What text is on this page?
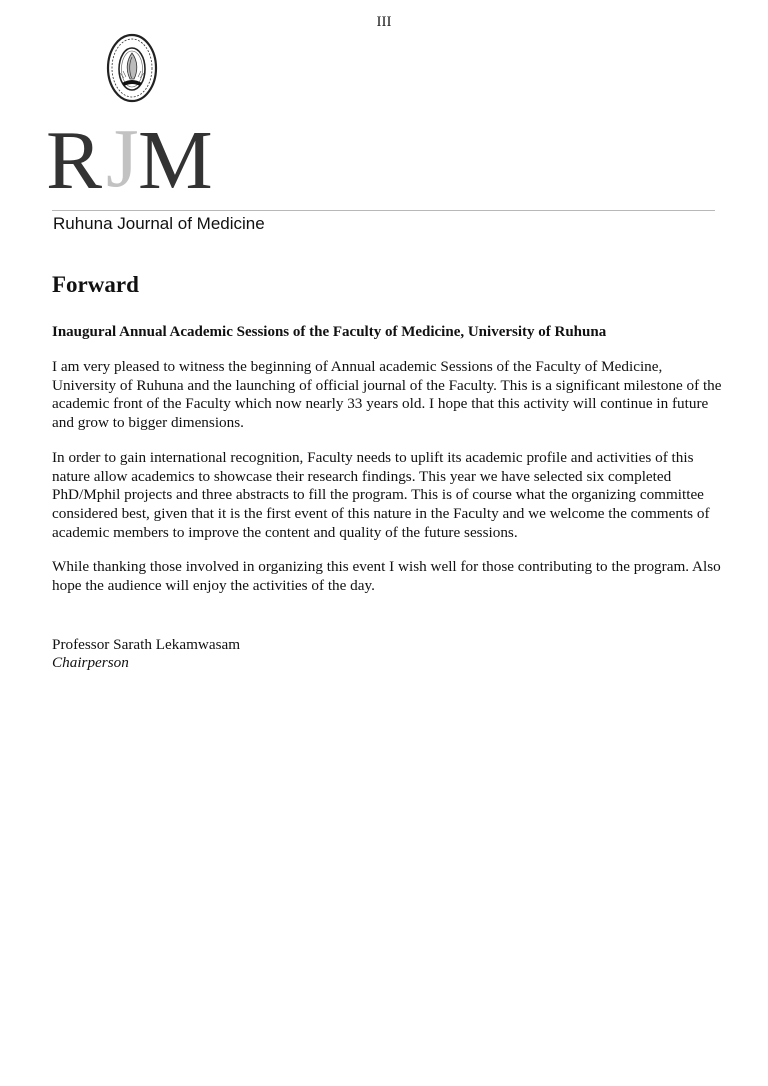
III
R J M
Ruhuna Journal of Medicine
Forward
Inaugural Annual Academic Sessions of the Faculty of Medicine, University of Ruhuna

I am very pleased to witness the beginning of Annual academic Sessions of the Faculty of Medicine, University of Ruhuna and the launching of official journal of the Faculty. This is a significant milestone of the academic front of the Faculty which now nearly 33 years old. I hope that this activity will continue in future and grow to bigger dimensions.

In order to gain international recognition, Faculty needs to uplift its academic profile and activities of this nature allow academics to showcase their research findings. This year we have selected six completed PhD/Mphil projects and three abstracts to fill the program. This is of course what the organizing committee considered best, given that it is the first event of this nature in the Faculty and we welcome the comments of academic members to improve the content and quality of the future sessions.

While thanking those involved in organizing this event I wish well for those contributing to the program. Also hope the audience will enjoy the activities of the day.

Professor Sarath Lekamwasam
Chairperson
